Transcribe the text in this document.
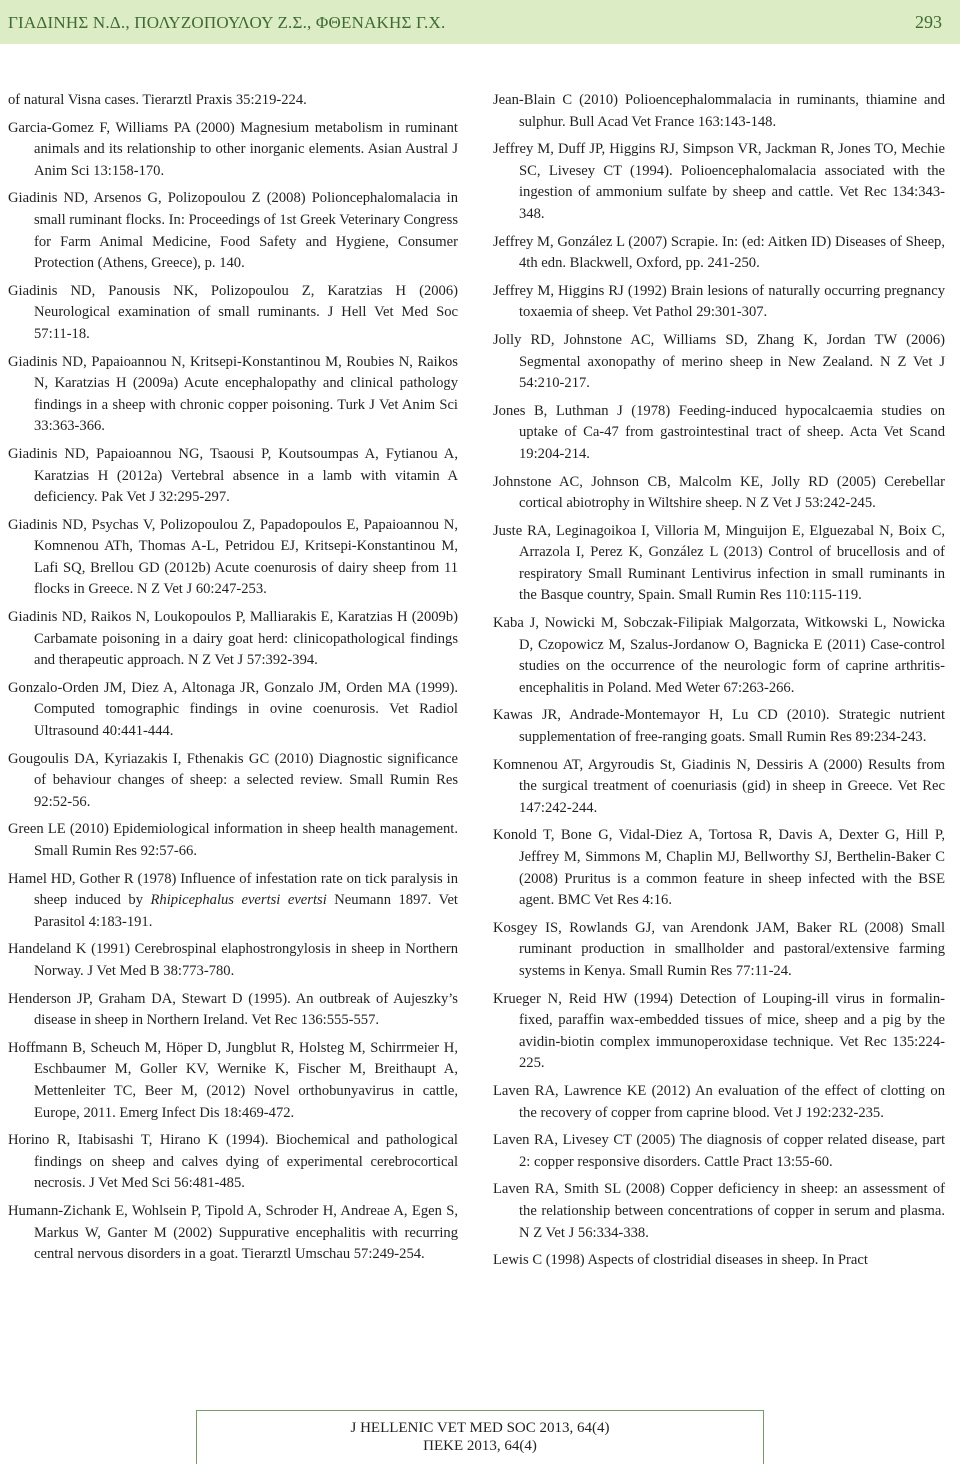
ΓΙΑΔΙΝΗΣ Ν.Δ., ΠΟΛΥΖΟΠΟΥΛΟΥ Ζ.Σ., ΦΘΕΝΑΚΗΣ Γ.Χ.	293

of natural Visna cases. Tierarztl Praxis 35:219-224.

Garcia-Gomez F, Williams PA (2000) Magnesium metabolism in ruminant animals and its relationship to other inorganic elements. Asian Austral J Anim Sci 13:158-170.

Giadinis ND, Arsenos G, Polizopoulou Z (2008) Polioncephalomalacia in small ruminant flocks. In: Proceedings of 1st Greek Veterinary Congress for Farm Animal Medicine, Food Safety and Hygiene, Consumer Protection (Athens, Greece), p. 140.

Giadinis ND, Panousis NK, Polizopoulou Z, Karatzias H (2006) Neurological examination of small ruminants. J Hell Vet Med Soc 57:11-18.

Giadinis ND, Papaioannou N, Kritsepi-Konstantinou M, Roubies N, Raikos N, Karatzias H (2009a) Acute encephalopathy and clinical pathology findings in a sheep with chronic copper poisoning. Turk J Vet Anim Sci 33:363-366.

Giadinis ND, Papaioannou NG, Tsaousi P, Koutsoumpas A, Fytianou A, Karatzias H (2012a) Vertebral absence in a lamb with vitamin A deficiency. Pak Vet J 32:295-297.

Giadinis ND, Psychas V, Polizopoulou Z, Papadopoulos E, Papaioannou N, Komnenou ATh, Thomas A-L, Petridou EJ, Kritsepi-Konstantinou M, Lafi SQ, Brellou GD (2012b) Acute coenurosis of dairy sheep from 11 flocks in Greece. N Z Vet J 60:247-253.

Giadinis ND, Raikos N, Loukopoulos P, Malliarakis E, Karatzias H (2009b) Carbamate poisoning in a dairy goat herd: clinicopathological findings and therapeutic approach. N Z Vet J 57:392-394.

Gonzalo-Orden JM, Diez A, Altonaga JR, Gonzalo JM, Orden MA (1999). Computed tomographic findings in ovine coenurosis. Vet Radiol Ultrasound 40:441-444.

Gougoulis DA, Kyriazakis I, Fthenakis GC (2010) Diagnostic significance of behaviour changes of sheep: a selected review. Small Rumin Res 92:52-56.

Green LE (2010) Epidemiological information in sheep health management. Small Rumin Res 92:57-66.

Hamel HD, Gother R (1978) Influence of infestation rate on tick paralysis in sheep induced by Rhipicephalus evertsi evertsi Neumann 1897. Vet Parasitol 4:183-191.

Handeland K (1991) Cerebrospinal elaphostrongylosis in sheep in Northern Norway. J Vet Med B 38:773-780.

Henderson JP, Graham DA, Stewart D (1995). An outbreak of Aujeszky’s disease in sheep in Northern Ireland. Vet Rec 136:555-557.

Hoffmann B, Scheuch M, Höper D, Jungblut R, Holsteg M, Schirrmeier H, Eschbaumer M, Goller KV, Wernike K, Fischer M, Breithaupt A, Mettenleiter TC, Beer M, (2012) Novel orthobunyavirus in cattle, Europe, 2011. Emerg Infect Dis 18:469-472.

Horino R, Itabisashi T, Hirano K (1994). Biochemical and pathological findings on sheep and calves dying of experimental cerebrocortical necrosis. J Vet Med Sci 56:481-485.

Humann-Zichank E, Wohlsein P, Tipold A, Schroder H, Andreae A, Egen S, Markus W, Ganter M (2002) Suppurative encephalitis with recurring central nervous disorders in a goat. Tierarztl Umschau 57:249-254.

Jean-Blain C (2010) Polioencephalommalacia in ruminants, thiamine and sulphur. Bull Acad Vet France 163:143-148.

Jeffrey M, Duff JP, Higgins RJ, Simpson VR, Jackman R, Jones TO, Mechie SC, Livesey CT (1994). Polioencephalomalacia associated with the ingestion of ammonium sulfate by sheep and cattle. Vet Rec 134:343-348.

Jeffrey M, González L (2007) Scrapie. In: (ed: Aitken ID) Diseases of Sheep, 4th edn. Blackwell, Oxford, pp. 241-250.

Jeffrey M, Higgins RJ (1992) Brain lesions of naturally occurring pregnancy toxaemia of sheep. Vet Pathol 29:301-307.

Jolly RD, Johnstone AC, Williams SD, Zhang K, Jordan TW (2006) Segmental axonopathy of merino sheep in New Zealand. N Z Vet J 54:210-217.

Jones B, Luthman J (1978) Feeding-induced hypocalcaemia studies on uptake of Ca-47 from gastrointestinal tract of sheep. Acta Vet Scand 19:204-214.

Johnstone AC, Johnson CB, Malcolm KE, Jolly RD (2005) Cerebellar cortical abiotrophy in Wiltshire sheep. N Z Vet J 53:242-245.

Juste RA, Leginagoikoa I, Villoria M, Minguijon E, Elguezabal N, Boix C, Arrazola I, Perez K, González L (2013) Control of brucellosis and of respiratory Small Ruminant Lentivirus infection in small ruminants in the Basque country, Spain. Small Rumin Res 110:115-119.

Kaba J, Nowicki M, Sobczak-Filipiak Malgorzata, Witkowski L, Nowicka D, Czopowicz M, Szalus-Jordanow O, Bagnicka E (2011) Case-control studies on the occurrence of the neurologic form of caprine arthritis-encephalitis in Poland. Med Weter 67:263-266.

Kawas JR, Andrade-Montemayor H, Lu CD (2010). Strategic nutrient supplementation of free-ranging goats. Small Rumin Res 89:234-243.

Komnenou AT, Argyroudis St, Giadinis N, Dessiris A (2000) Results from the surgical treatment of coenuriasis (gid) in sheep in Greece. Vet Rec 147:242-244.

Konold T, Bone G, Vidal-Diez A, Tortosa R, Davis A, Dexter G, Hill P, Jeffrey M, Simmons M, Chaplin MJ, Bellworthy SJ, Berthelin-Baker C (2008) Pruritus is a common feature in sheep infected with the BSE agent. BMC Vet Res 4:16.

Kosgey IS, Rowlands GJ, van Arendonk JAM, Baker RL (2008) Small ruminant production in smallholder and pastoral/extensive farming systems in Kenya. Small Rumin Res 77:11-24.

Krueger N, Reid HW (1994) Detection of Louping-ill virus in formalin-fixed, paraffin wax-embedded tissues of mice, sheep and a pig by the avidin-biotin complex immunoperoxidase technique. Vet Rec 135:224-225.

Laven RA, Lawrence KE (2012) An evaluation of the effect of clotting on the recovery of copper from caprine blood. Vet J 192:232-235.

Laven RA, Livesey CT (2005) The diagnosis of copper related disease, part 2: copper responsive disorders. Cattle Pract 13:55-60.

Laven RA, Smith SL (2008) Copper deficiency in sheep: an assessment of the relationship between concentrations of copper in serum and plasma. N Z Vet J 56:334-338.

Lewis C (1998) Aspects of clostridial diseases in sheep. In Pract

J HELLENIC VET MED SOC 2013, 64(4)
ΠΕΚΕ 2013, 64(4)
